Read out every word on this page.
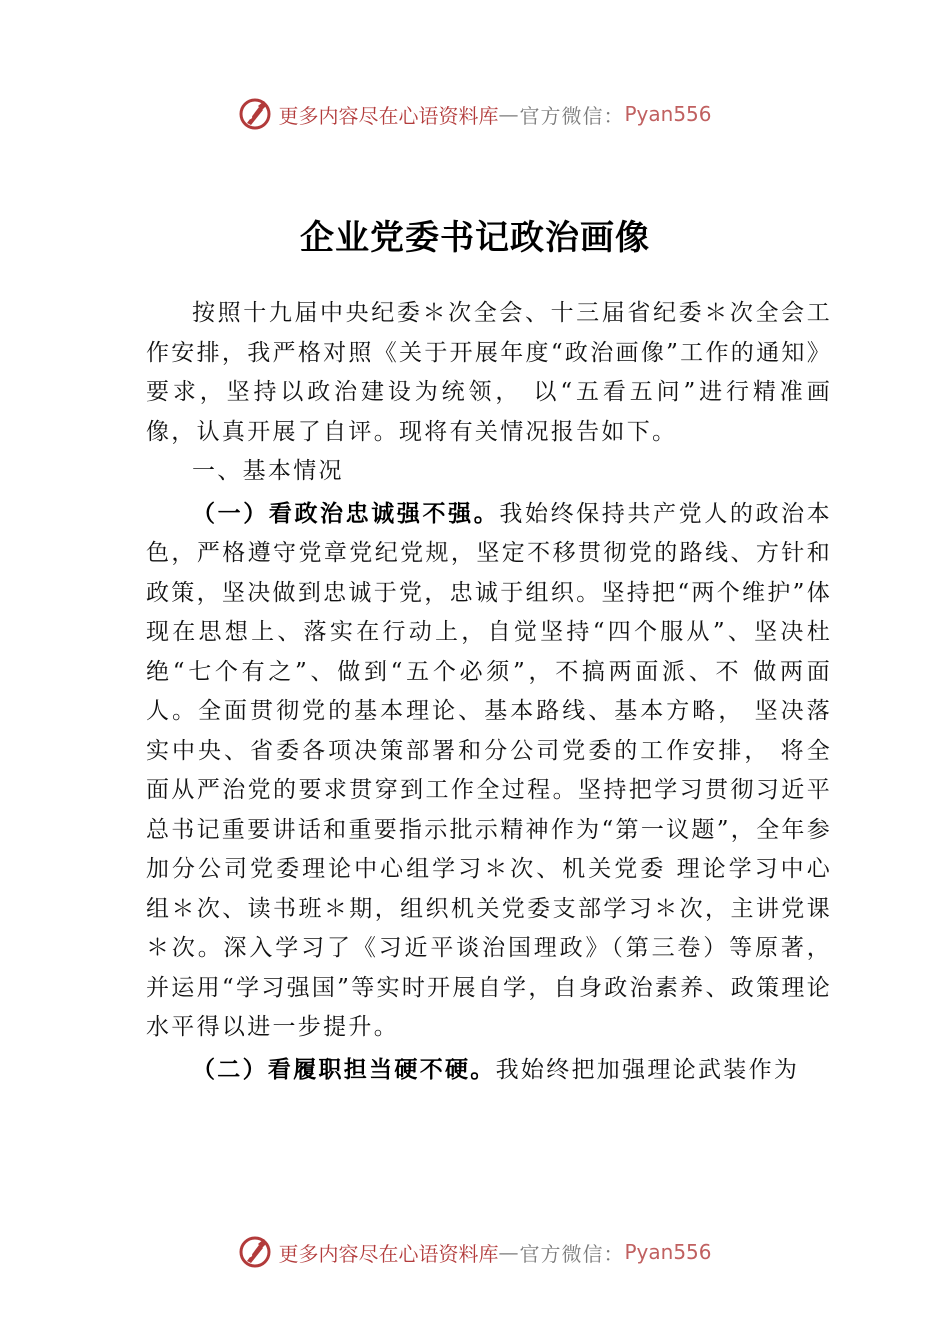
更多内容尽在心语资料库 — 官方微信： Pyan556
企业党委书记政治画像

按照十九届中央纪委＊次全会、十三届省纪委＊次全会工作安排，我严格对照《关于开展年度“政治画像”工作的通知》要求，坚持以政治建设为统领， 以“五看五问”进行精准画像，认真开展了自评。现将有关情况报告如下。

一、基本情况

（一）看政治忠诚强不强。我始终保持共产党人的政治本色，严格遵守党章党纪党规，坚定不移贯彻党的路线、方针和政策，坚决做到忠诚于党，忠诚于组织。坚持把“两个维护”体现在思想上、落实在行动上，自觉坚持“四个服从”、坚决杜绝“七个有之”、做到“五个必须”，不搞两面派、不 做两面人。全面贯彻党的基本理论、基本路线、基本方略， 坚决落实中央、省委各项决策部署和分公司党委的工作安排， 将全面从严治党的要求贯穿到工作全过程。坚持把学习贯彻习近平总书记重要讲话和重要指示批示精神作为“第一议题”，全年参加分公司党委理论中心组学习＊次、机关党委 理论学习中心组＊次、读书班＊期，组织机关党委支部学习＊次，主讲党课＊次。深入学习了《习近平谈治国理政》（第三卷）等原著，并运用“学习强国”等实时开展自学，自身政治素养、政策理论水平得以进一步提升。

（二）看履职担当硬不硬。我始终把加强理论武装作为

更多内容尽在心语资料库 — 官方微信： Pyan556
